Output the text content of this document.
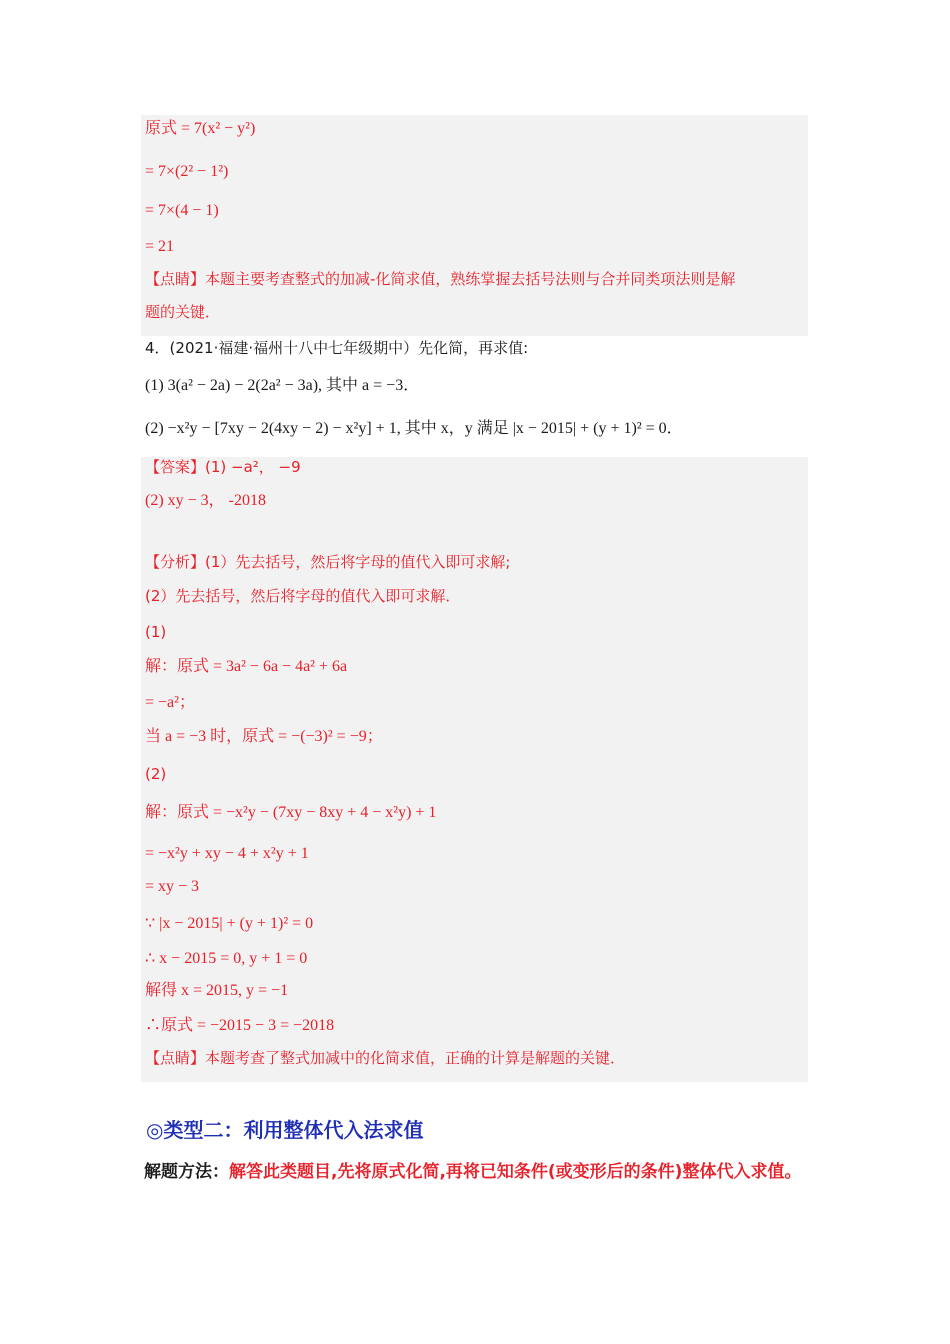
原式 = 7(x² − y²)
= 7×(2² − 1²)
= 7×(4 − 1)
= 21
【点睛】本题主要考查整式的加减-化简求值，熟练掌握去括号法则与合并同类项法则是解
题的关键．
4．(2021·福建·福州十八中七年级期中）先化简，再求值:
(1) 3(a² − 2a) − 2(2a² − 3a), 其中 a = −3．
(2) −x²y − [7xy − 2(4xy − 2) − x²y] + 1, 其中 x，y 满足 |x − 2015| + (y + 1)² = 0．
【答案】(1) −a²， −9
(2) xy − 3， -2018
【分析】(1）先去括号，然后将字母的值代入即可求解;
(2）先去括号，然后将字母的值代入即可求解．
(1)
解：原式 = 3a² − 6a − 4a² + 6a
= −a²；
当 a = −3 时，原式 = −(−3)² = −9；
(2)
解：原式 = −x²y − (7xy − 8xy + 4 − x²y) + 1
= −x²y + xy − 4 + x²y + 1
= xy − 3
∵ |x − 2015| + (y + 1)² = 0
∴ x − 2015 = 0, y + 1 = 0
解得 x = 2015, y = −1
∴原式 = −2015 − 3 = −2018
【点睛】本题考查了整式加减中的化简求值，正确的计算是解题的关键．
◎类型二：利用整体代入法求值
解题方法：解答此类题目,先将原式化简,再将已知条件(或变形后的条件)整体代入求值。
